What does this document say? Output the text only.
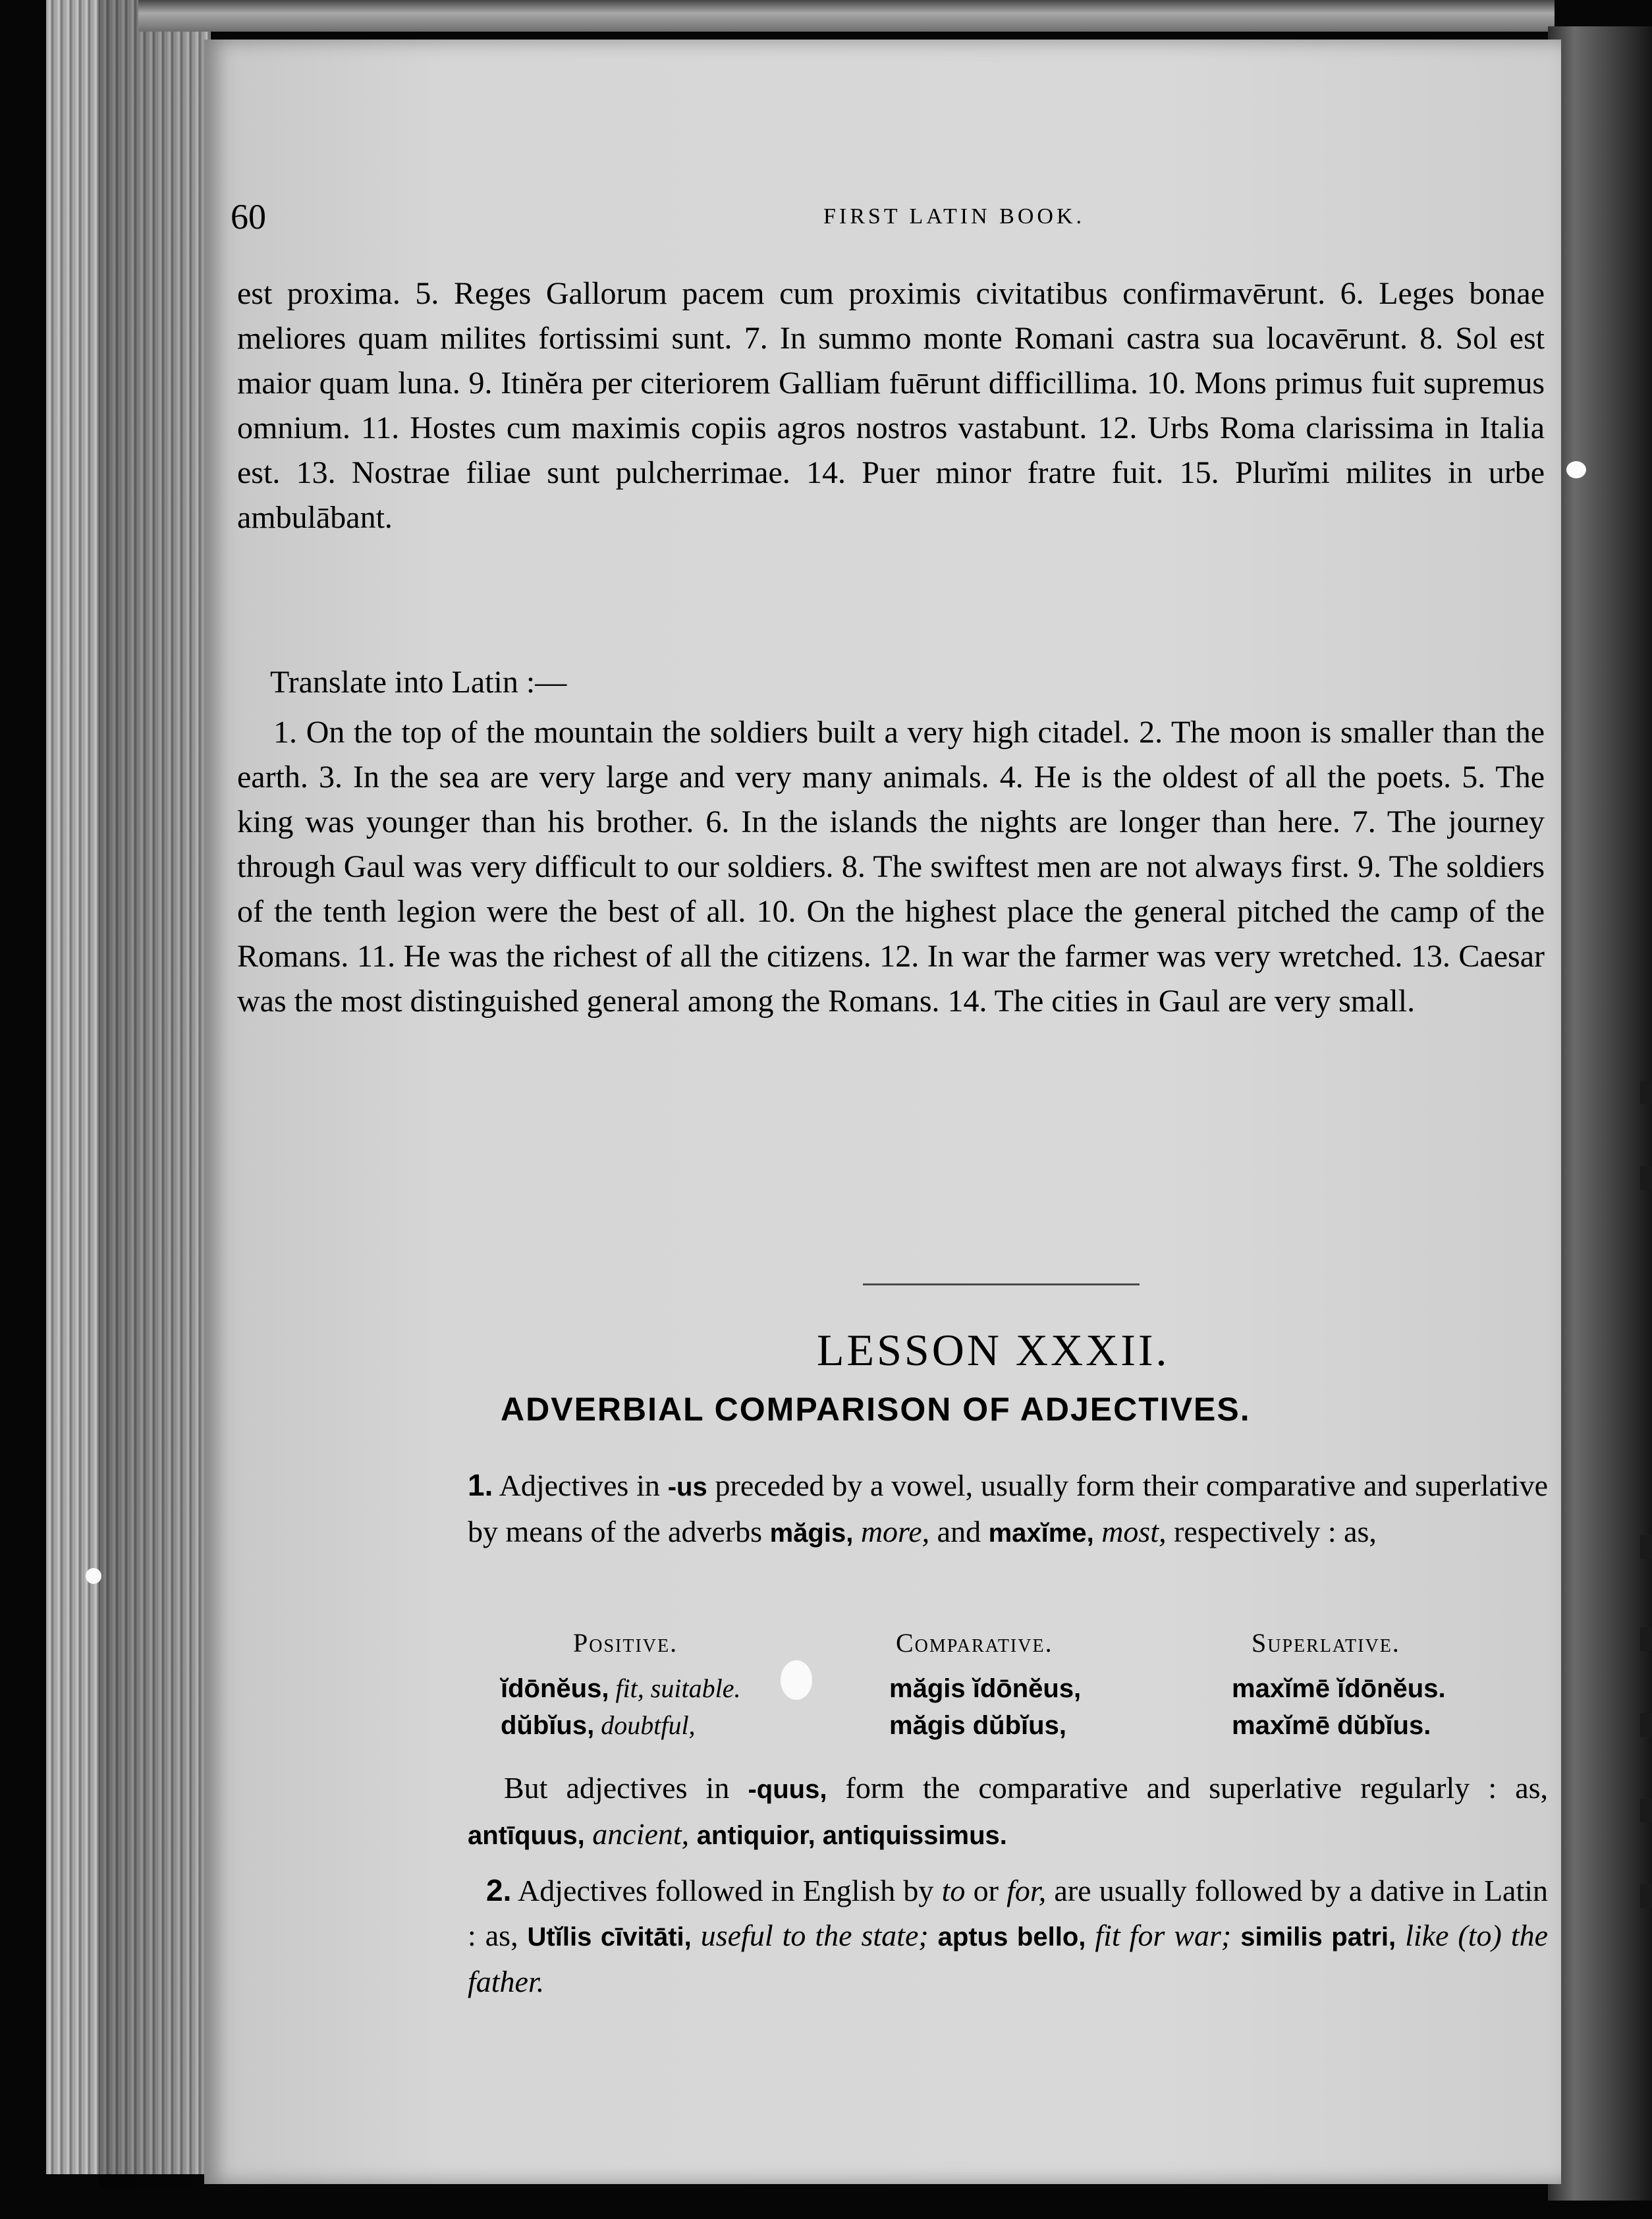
60	FIRST LATIN BOOK.

est proxima. 5. Reges Gallorum pacem cum proximis civitatibus confirmavērunt. 6. Leges bonae meliores quam milites fortissimi sunt. 7. In summo monte Romani castra sua locavērunt. 8. Sol est maior quam luna. 9. Itinĕra per citeriorem Galliam fuērunt difficillima. 10. Mons primus fuit supremus omnium. 11. Hostes cum maximis copiis agros nostros vastabunt. 12. Urbs Roma clarissima in Italia est. 13. Nostrae filiae sunt pulcherrimae. 14. Puer minor fratre fuit. 15. Plurĭmi milites in urbe ambulābant.

Translate into Latin :—

1. On the top of the mountain the soldiers built a very high citadel. 2. The moon is smaller than the earth. 3. In the sea are very large and very many animals. 4. He is the oldest of all the poets. 5. The king was younger than his brother. 6. In the islands the nights are longer than here. 7. The journey through Gaul was very difficult to our soldiers. 8. The swiftest men are not always first. 9. The soldiers of the tenth legion were the best of all. 10. On the highest place the general pitched the camp of the Romans. 11. He was the richest of all the citizens. 12. In war the farmer was very wretched. 13. Caesar was the most distinguished general among the Romans. 14. The cities in Gaul are very small.

LESSON XXXII.
ADVERBIAL COMPARISON OF ADJECTIVES.

1. Adjectives in -us preceded by a vowel, usually form their comparative and superlative by means of the adverbs măgis, more, and maxĭme, most, respectively : as,

Positive.
ĭdōnĕus, fit, suitable.
dŭbĭus, doubtful,
Comparative.
măgis ĭdōnĕus,
măgis dŭbĭus,
Superlative.
maxĭmē ĭdōnĕus.
maxĭmē dŭbĭus.

But adjectives in -quus, form the comparative and superlative regularly : as, antīquus, ancient, antiquior, antiquissimus.

2. Adjectives followed in English by to or for, are usually followed by a dative in Latin : as, Utĭlis cīvitāti, useful to the state; aptus bello, fit for war; similis patri, like (to) the father.
